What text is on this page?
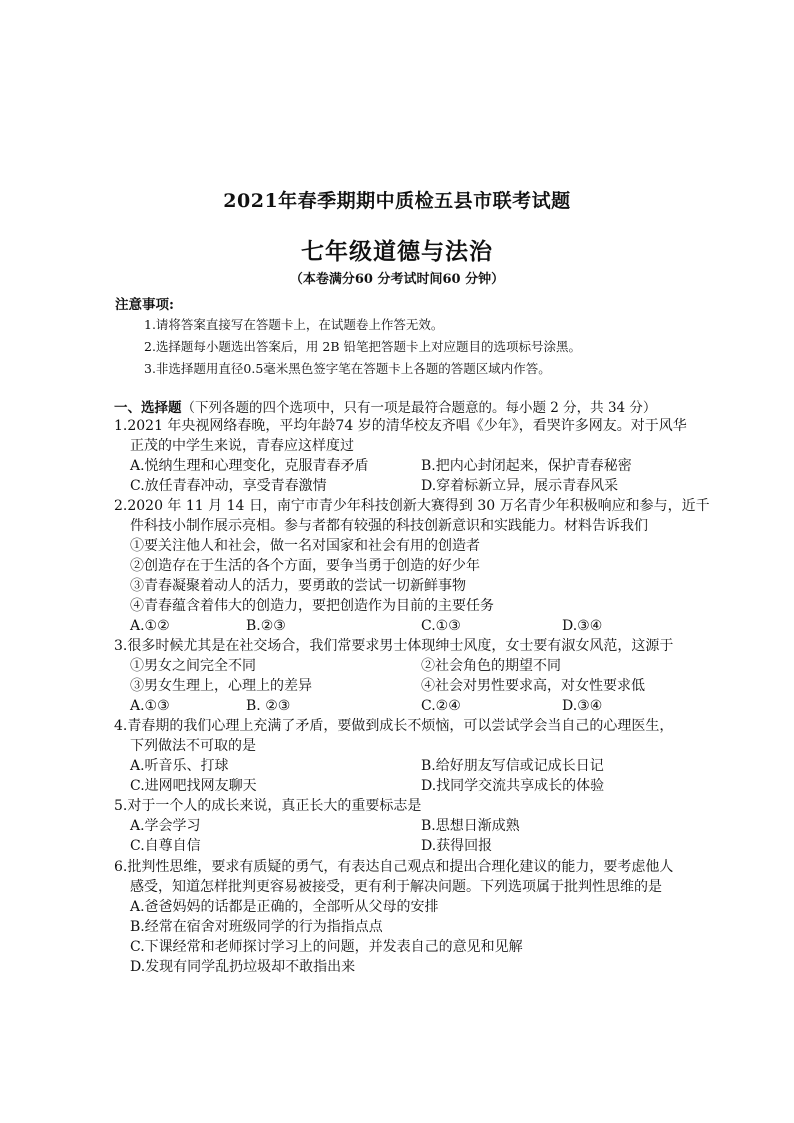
2021年春季期期中质检五县市联考试题
七年级道德与法治
（本卷满分60 分考试时间60 分钟）
注意事项:
1.请将答案直接写在答题卡上，在试题卷上作答无效。
2.选择题每小题选出答案后，用 2B 铅笔把答题卡上对应题目的选项标号涂黑。
3.非选择题用直径0.5毫米黑色签字笔在答题卡上各题的答题区域内作答。
一、选择题（下列各题的四个选项中，只有一项是最符合题意的。每小题 2 分，共 34 分）
1.2021 年央视网络春晚，平均年龄74 岁的清华校友齐唱《少年》，看哭许多网友。对于风华
正茂的中学生来说，青春应这样度过
A.悦纳生理和心理变化，克服青春矛盾	B.把内心封闭起来，保护青春秘密
C.放任青春冲动，享受青春激情	D.穿着标新立异，展示青春风采
2.2020 年 11 月 14 日，南宁市青少年科技创新大赛得到 30 万名青少年积极响应和参与，近千
件科技小制作展示亮相。参与者都有较强的科技创新意识和实践能力。材料告诉我们
①要关注他人和社会，做一名对国家和社会有用的创造者
②创造存在于生活的各个方面，要争当勇于创造的好少年
③青春凝聚着动人的活力，要勇敢的尝试一切新鲜事物
④青春蕴含着伟大的创造力，要把创造作为目前的主要任务
A.①②	B.②③	C.①③	D.③④
3.很多时候尤其是在社交场合，我们常要求男士体现绅士风度，女士要有淑女风范，这源于
①男女之间完全不同	②社会角色的期望不同
③男女生理上，心理上的差异	④社会对男性要求高，对女性要求低
A.①③	B. ②③	C.②④	D.③④
4.青春期的我们心理上充满了矛盾，要做到成长不烦恼，可以尝试学会当自己的心理医生，
下列做法不可取的是
A.听音乐、打球	B.给好朋友写信或记成长日记
C.进网吧找网友聊天	D.找同学交流共享成长的体验
5.对于一个人的成长来说，真正长大的重要标志是
A.学会学习	B.思想日渐成熟
C.自尊自信	D.获得回报
6.批判性思维，要求有质疑的勇气，有表达自己观点和提出合理化建议的能力，要考虑他人
感受，知道怎样批判更容易被接受，更有利于解决问题。下列选项属于批判性思维的是
A.爸爸妈妈的话都是正确的，全部听从父母的安排
B.经常在宿舍对班级同学的行为指指点点
C.下课经常和老师探讨学习上的问题，并发表自己的意见和见解
D.发现有同学乱扔垃圾却不敢指出来
